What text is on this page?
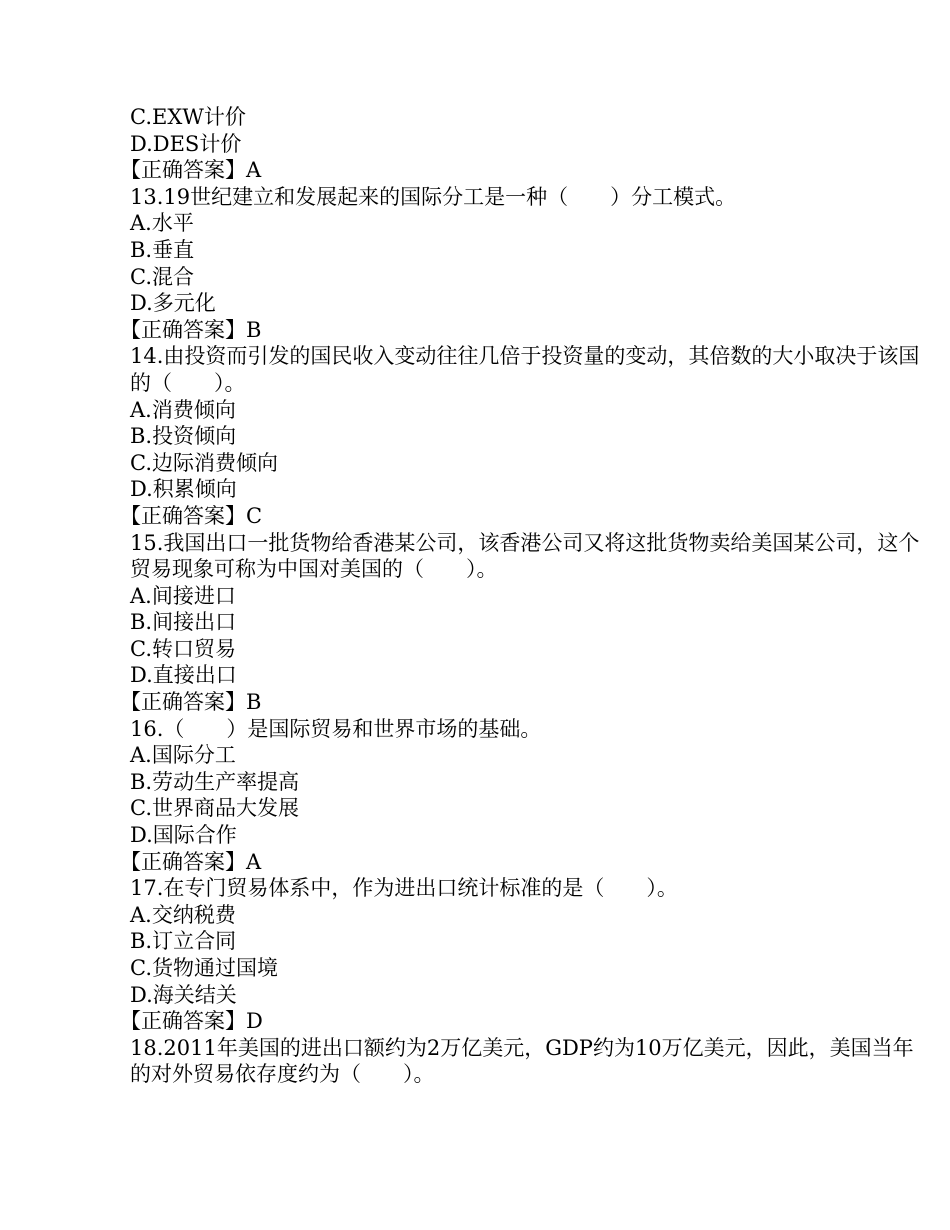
C.EXW计价
D.DES计价
【正确答案】A
13.19世纪建立和发展起来的国际分工是一种（　　）分工模式。
A.水平
B.垂直
C.混合
D.多元化
【正确答案】B
14.由投资而引发的国民收入变动往往几倍于投资量的变动，其倍数的大小取决于该国的（　　）。
A.消费倾向
B.投资倾向
C.边际消费倾向
D.积累倾向
【正确答案】C
15.我国出口一批货物给香港某公司，该香港公司又将这批货物卖给美国某公司，这个贸易现象可称为中国对美国的（　　）。
A.间接进口
B.间接出口
C.转口贸易
D.直接出口
【正确答案】B
16.（　　）是国际贸易和世界市场的基础。
A.国际分工
B.劳动生产率提高
C.世界商品大发展
D.国际合作
【正确答案】A
17.在专门贸易体系中，作为进出口统计标准的是（　　）。
A.交纳税费
B.订立合同
C.货物通过国境
D.海关结关
【正确答案】D
18.2011年美国的进出口额约为2万亿美元，GDP约为10万亿美元，因此，美国当年的对外贸易依存度约为（　　）。
